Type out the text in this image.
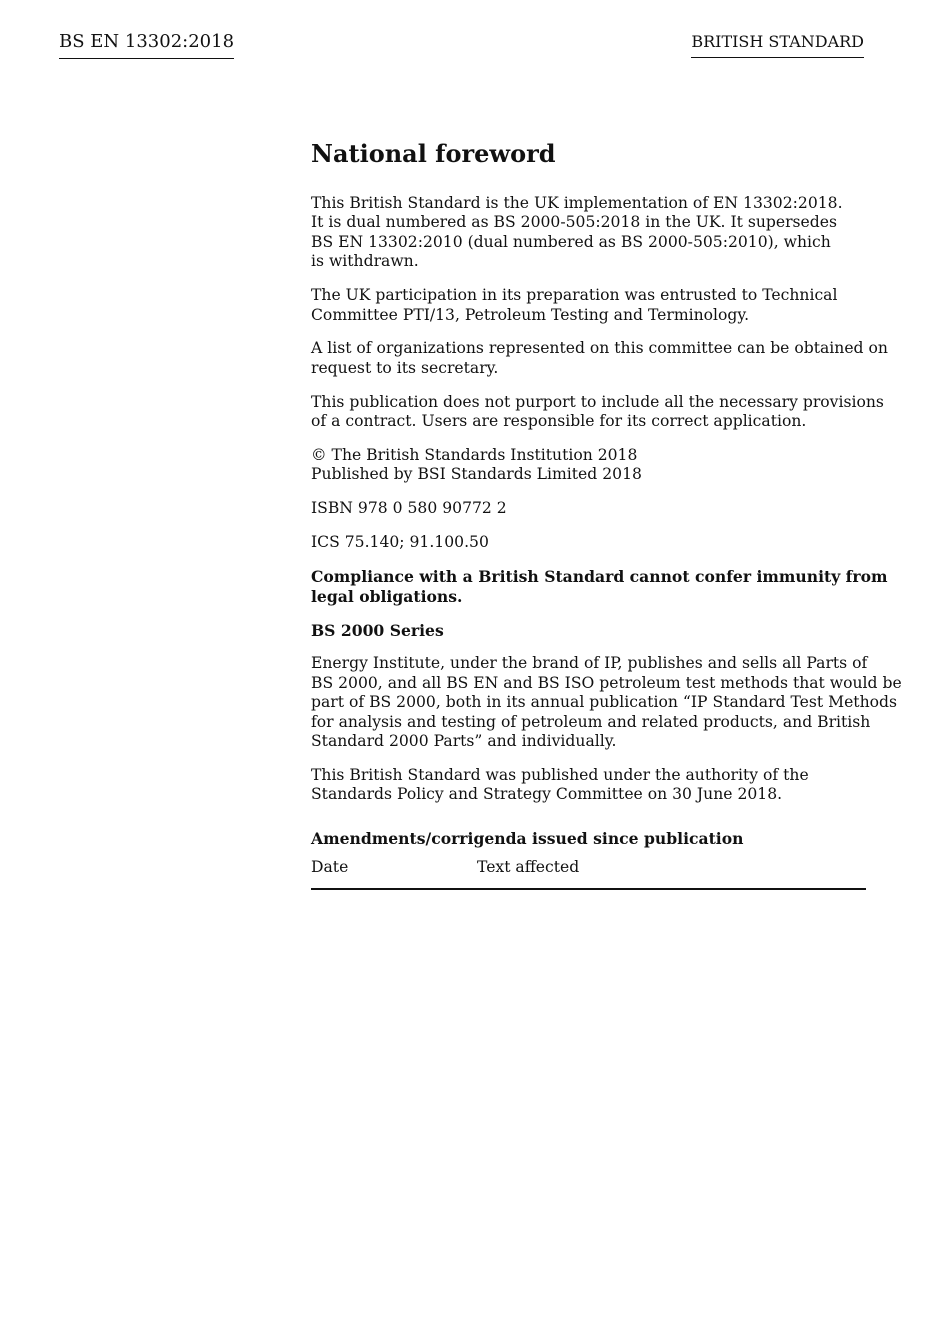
BS EN 13302:2018	BRITISH STANDARD
National foreword

This British Standard is the UK implementation of EN 13302:2018.
It is dual numbered as BS 2000-505:2018 in the UK. It supersedes
BS EN 13302:2010 (dual numbered as BS 2000-505:2010), which
is withdrawn.

The UK participation in its preparation was entrusted to Technical
Committee PTI/13, Petroleum Testing and Terminology.

A list of organizations represented on this committee can be obtained on
request to its secretary.

This publication does not purport to include all the necessary provisions
of a contract. Users are responsible for its correct application.

© The British Standards Institution 2018
Published by BSI Standards Limited 2018

ISBN 978 0 580 90772 2

ICS 75.140; 91.100.50

Compliance with a British Standard cannot confer immunity from
legal obligations.

BS 2000 Series

Energy Institute, under the brand of IP, publishes and sells all Parts of
BS 2000, and all BS EN and BS ISO petroleum test methods that would be
part of BS 2000, both in its annual publication “IP Standard Test Methods
for analysis and testing of petroleum and related products, and British
Standard 2000 Parts” and individually.

This British Standard was published under the authority of the
Standards Policy and Strategy Committee on 30 June 2018.

Amendments/corrigenda issued since publication
Date	Text affected
